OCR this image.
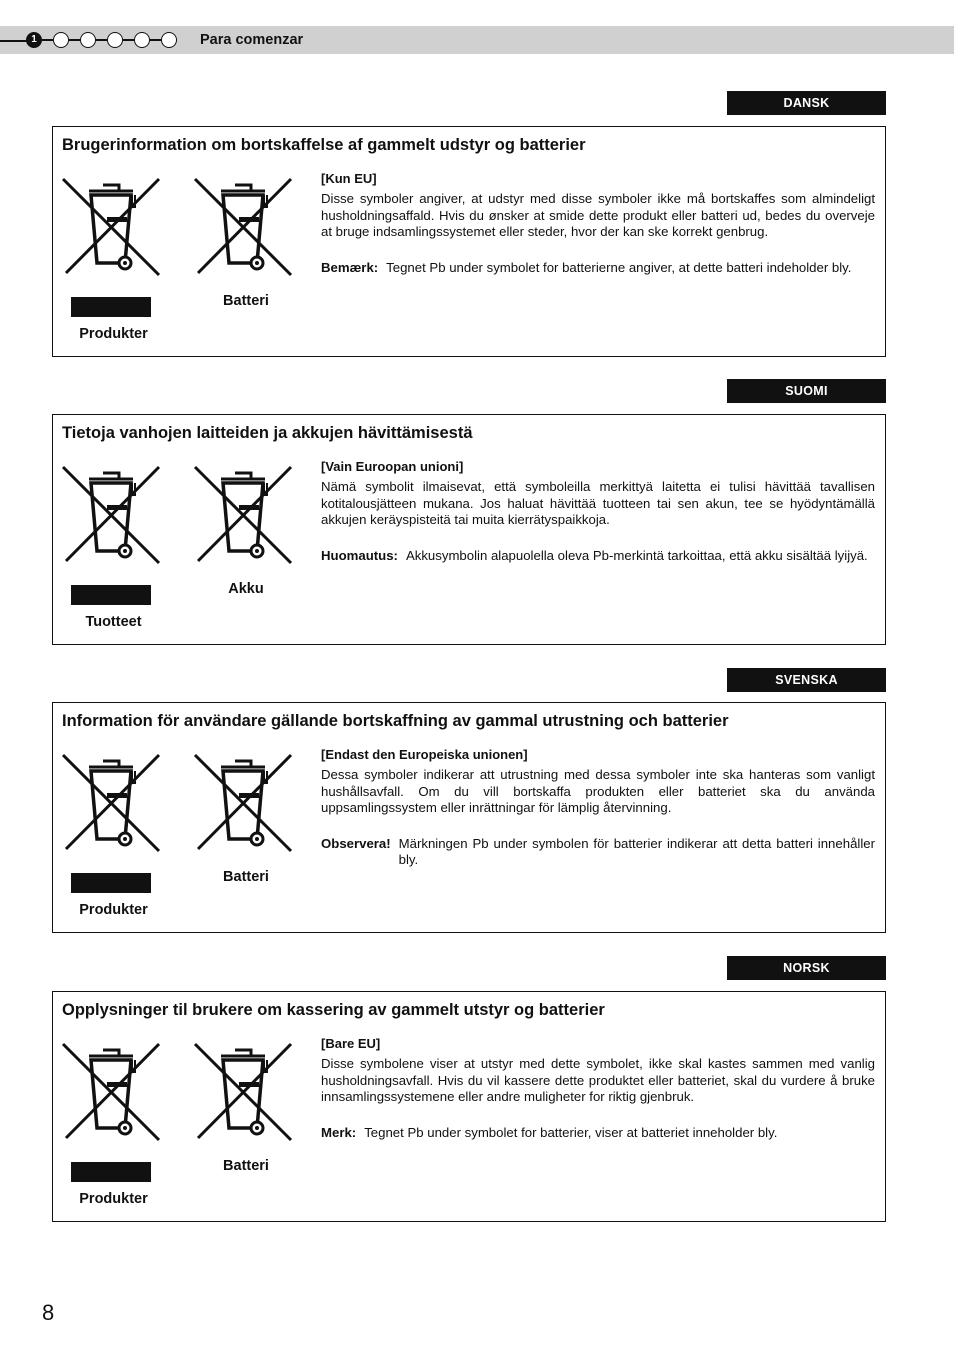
1	Para comenzar
DANSK
Brugerinformation om bortskaffelse af gammelt udstyr og batterier
Produkter
Batteri
[Kun EU]
Disse symboler angiver, at udstyr med disse symboler ikke må bortskaffes som almindeligt husholdningsaffald. Hvis du ønsker at smide dette produkt eller batteri ud, bedes du overveje at bruge indsamlingssystemet eller steder, hvor der kan ske korrekt genbrug.
Bemærk: Tegnet Pb under symbolet for batterierne angiver, at dette batteri indeholder bly.
SUOMI
Tietoja vanhojen laitteiden ja akkujen hävittämisestä
Tuotteet
Akku
[Vain Euroopan unioni]
Nämä symbolit ilmaisevat, että symboleilla merkittyä laitetta ei tulisi hävittää tavallisen kotitalousjätteen mukana. Jos haluat hävittää tuotteen tai sen akun, tee se hyödyntämällä akkujen keräyspisteitä tai muita kierrätyspaikkoja.
Huomautus: Akkusymbolin alapuolella oleva Pb-merkintä tarkoittaa, että akku sisältää lyijyä.
SVENSKA
Information för användare gällande bortskaffning av gammal utrustning och batterier
Produkter
Batteri
[Endast den Europeiska unionen]
Dessa symboler indikerar att utrustning med dessa symboler inte ska hanteras som vanligt hushållsavfall. Om du vill bortskaffa produkten eller batteriet ska du använda uppsamlingssystem eller inrättningar för lämplig återvinning.
Observera! Märkningen Pb under symbolen för batterier indikerar att detta batteri innehåller bly.
NORSK
Opplysninger til brukere om kassering av gammelt utstyr og batterier
Produkter
Batteri
[Bare EU]
Disse symbolene viser at utstyr med dette symbolet, ikke skal kastes sammen med vanlig husholdningsavfall. Hvis du vil kassere dette produktet eller batteriet, skal du vurdere å bruke innsamlingssystemene eller andre muligheter for riktig gjenbruk.
Merk: Tegnet Pb under symbolet for batterier, viser at batteriet inneholder bly.
8
